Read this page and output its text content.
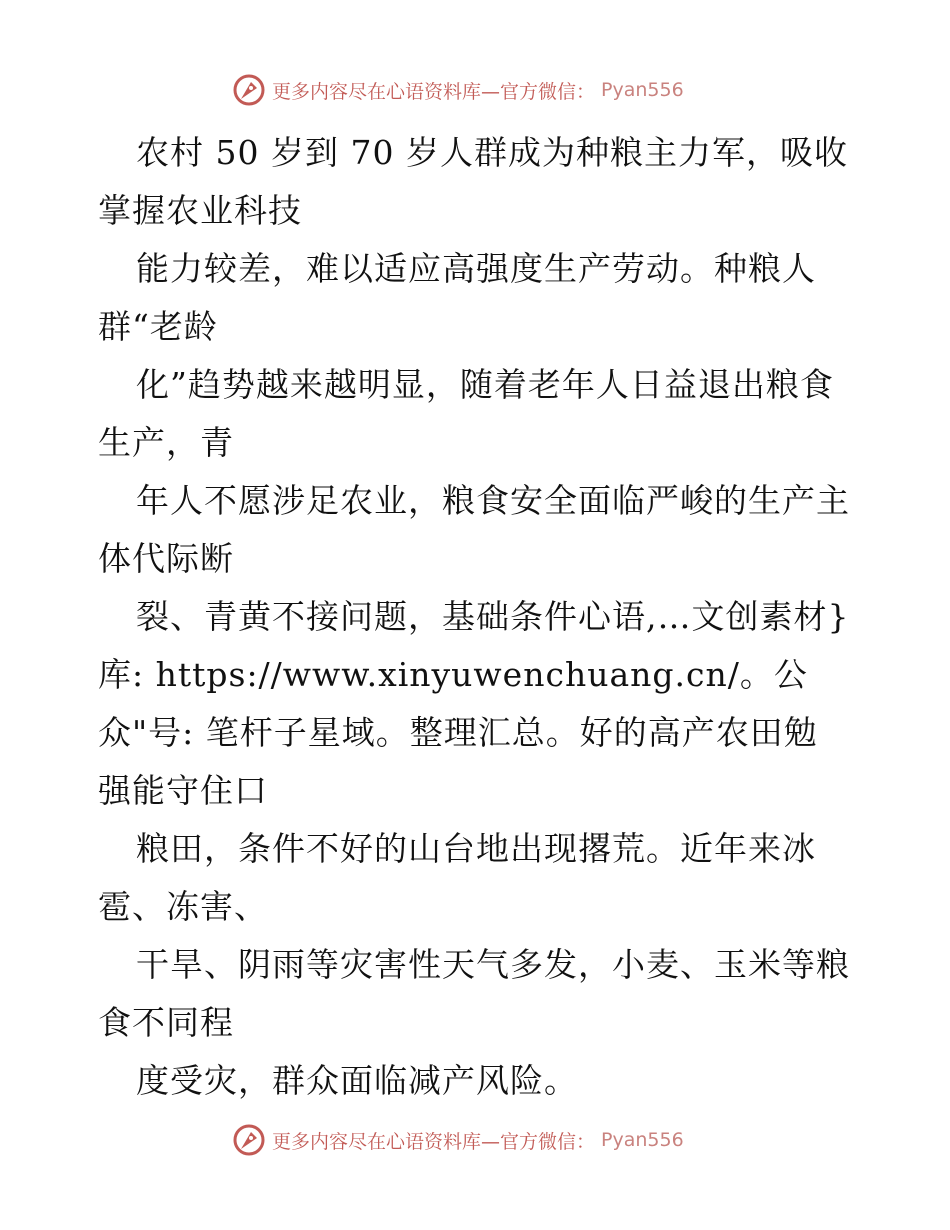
更多内容尽在心语资料库—官方微信： Pyan556
农村 50 岁到 70 岁人群成为种粮主力军，吸收
掌握农业科技
能力较差，难以适应高强度生产劳动。种粮人
群“老龄
化”趋势越来越明显，随着老年人日益退出粮食
生产，青
年人不愿涉足农业，粮食安全面临严峻的生产主
体代际断
裂、青黄不接问题，基础条件心语,…文创素材}
库: https://www.xinyuwenchuang.cn/。公
众"号: 笔杆子星域。整理汇总。好的高产农田勉
强能守住口
粮田，条件不好的山台地出现撂荒。近年来冰
雹、冻害、
干旱、阴雨等灾害性天气多发，小麦、玉米等粮
食不同程
度受灾，群众面临减产风险。
更多内容尽在心语资料库—官方微信： Pyan556
